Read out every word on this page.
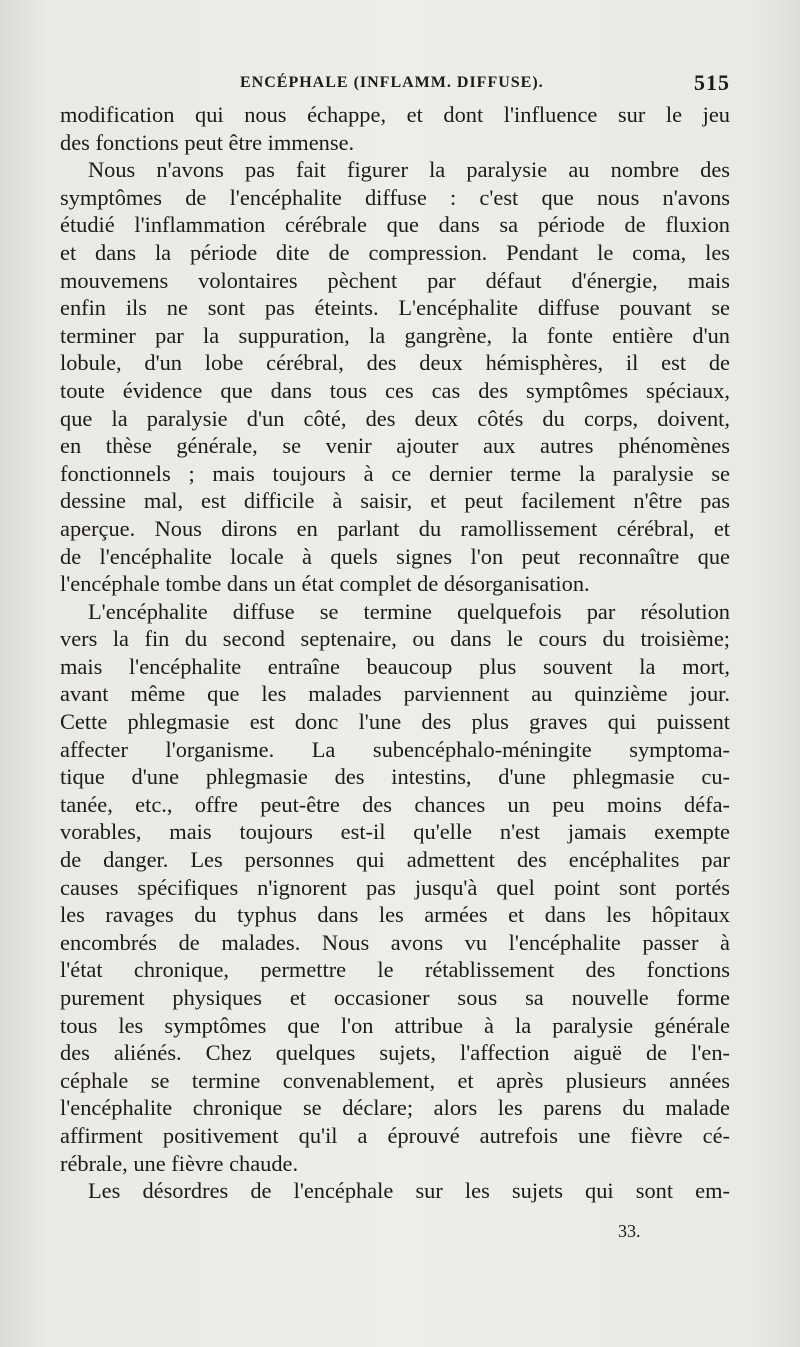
ENCÉPHALE (INFLAMM. DIFFUSE).	515
modification qui nous échappe, et dont l'influence sur le jeu
des fonctions peut être immense.
Nous n'avons pas fait figurer la paralysie au nombre des
symptômes de l'encéphalite diffuse : c'est que nous n'avons
étudié l'inflammation cérébrale que dans sa période de fluxion
et dans la période dite de compression. Pendant le coma, les
mouvemens volontaires pèchent par défaut d'énergie, mais
enfin ils ne sont pas éteints. L'encéphalite diffuse pouvant se
terminer par la suppuration, la gangrène, la fonte entière d'un
lobule, d'un lobe cérébral, des deux hémisphères, il est de
toute évidence que dans tous ces cas des symptômes spéciaux,
que la paralysie d'un côté, des deux côtés du corps, doivent,
en thèse générale, se venir ajouter aux autres phénomènes
fonctionnels ; mais toujours à ce dernier terme la paralysie se
dessine mal, est difficile à saisir, et peut facilement n'être pas
aperçue. Nous dirons en parlant du ramollissement cérébral, et
de l'encéphalite locale à quels signes l'on peut reconnaître que
l'encéphale tombe dans un état complet de désorganisation.
L'encéphalite diffuse se termine quelquefois par résolution
vers la fin du second septenaire, ou dans le cours du troisième;
mais l'encéphalite entraîne beaucoup plus souvent la mort,
avant même que les malades parviennent au quinzième jour.
Cette phlegmasie est donc l'une des plus graves qui puissent
affecter l'organisme. La subencéphalo-méningite symptoma-
tique d'une phlegmasie des intestins, d'une phlegmasie cu-
tanée, etc., offre peut-être des chances un peu moins défa-
vorables, mais toujours est-il qu'elle n'est jamais exempte
de danger. Les personnes qui admettent des encéphalites par
causes spécifiques n'ignorent pas jusqu'à quel point sont portés
les ravages du typhus dans les armées et dans les hôpitaux
encombrés de malades. Nous avons vu l'encéphalite passer à
l'état chronique, permettre le rétablissement des fonctions
purement physiques et occasioner sous sa nouvelle forme
tous les symptômes que l'on attribue à la paralysie générale
des aliénés. Chez quelques sujets, l'affection aiguë de l'en-
céphale se termine convenablement, et après plusieurs années
l'encéphalite chronique se déclare; alors les parens du malade
affirment positivement qu'il a éprouvé autrefois une fièvre cé-
rébrale, une fièvre chaude.
Les désordres de l'encéphale sur les sujets qui sont em-
33.
